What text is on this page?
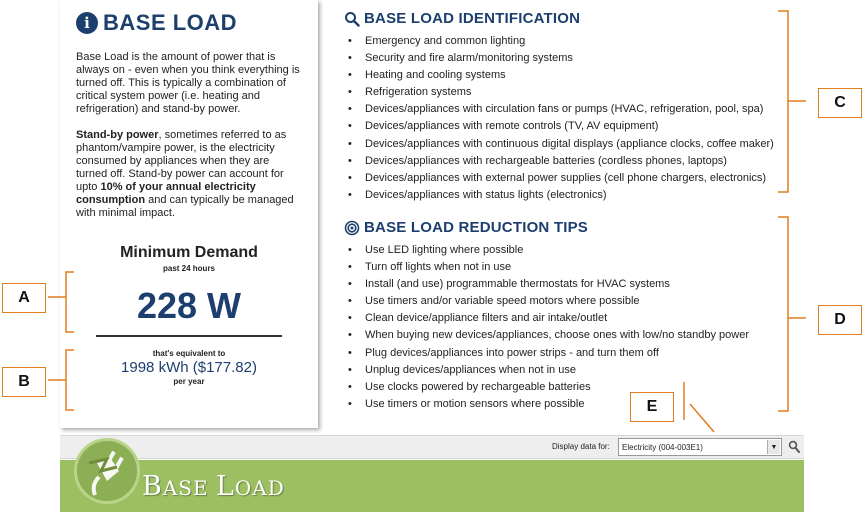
i BASE LOAD

Base Load is the amount of power that is always on - even when you think everything is turned off. This is typically a combination of critical system power (i.e. heating and refrigeration) and stand-by power.

Stand-by power, sometimes referred to as phantom/vampire power, is the electricity consumed by appliances when they are turned off. Stand-by power can account for upto 10% of your annual electricity consumption and can typically be managed with minimal impact.

Minimum Demand
past 24 hours
228 W
that's equivalent to
1998 kWh ($177.82)
per year
BASE LOAD IDENTIFICATION
• Emergency and common lighting
• Security and fire alarm/monitoring systems
• Heating and cooling systems
• Refrigeration systems
• Devices/appliances with circulation fans or pumps (HVAC, refrigeration, pool, spa)
• Devices/appliances with remote controls (TV, AV equipment)
• Devices/appliances with continuous digital displays (appliance clocks, coffee maker)
• Devices/appliances with rechargeable batteries (cordless phones, laptops)
• Devices/appliances with external power supplies (cell phone chargers, electronics)
• Devices/appliances with status lights (electronics)
BASE LOAD REDUCTION TIPS
• Use LED lighting where possible
• Turn off lights when not in use
• Install (and use) programmable thermostats for HVAC systems
• Use timers and/or variable speed motors where possible
• Clean device/appliance filters and air intake/outlet
• When buying new devices/appliances, choose ones with low/no standby power
• Plug devices/appliances into power strips - and turn them off
• Unplug devices/appliances when not in use
• Use clocks powered by rechargeable batteries
• Use timers or motion sensors where possible
A
B
C
D
E
Display data for: Electricity (004-003E1)	▼
BASE LOAD
